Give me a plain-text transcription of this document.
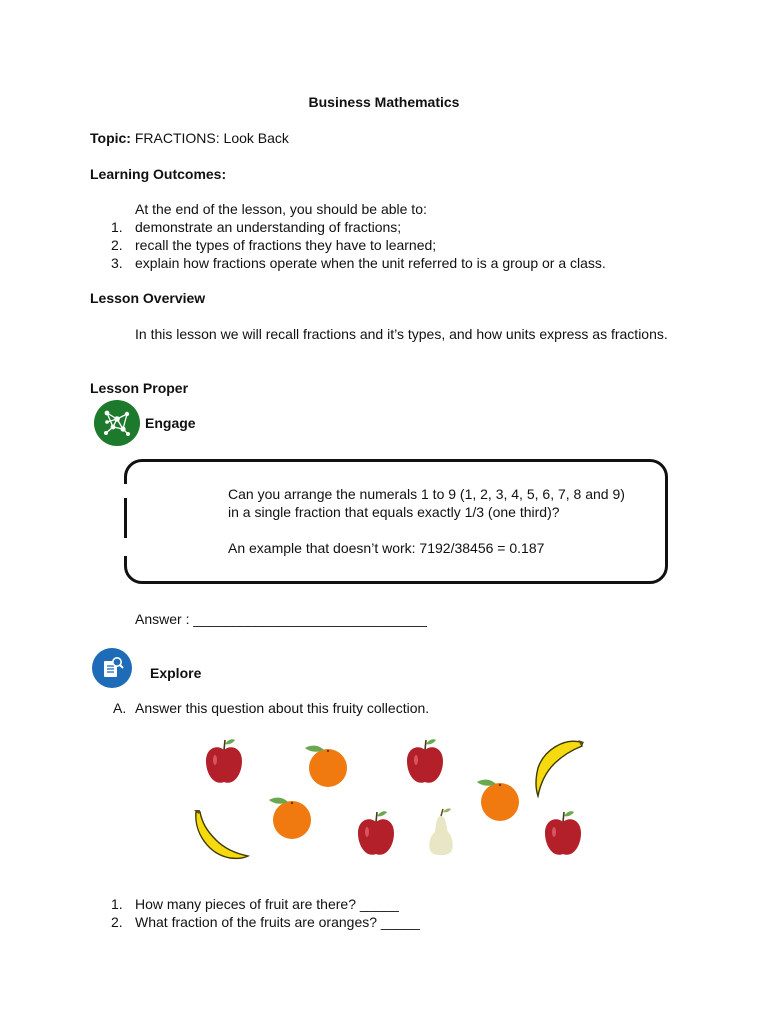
Business Mathematics
Topic: FRACTIONS: Look Back
Learning Outcomes:
At the end of the lesson, you should be able to:
1. demonstrate an understanding of fractions;
2. recall the types of fractions they have to learned;
3. explain how fractions operate when the unit referred to is a group or a class.
Lesson Overview
In this lesson we will recall fractions and it’s types, and how units express as fractions.
Lesson Proper
Engage
Can you arrange the numerals 1 to 9 (1, 2, 3, 4, 5, 6, 7, 8 and 9)
in a single fraction that equals exactly 1/3 (one third)?
An example that doesn’t work: 7192/38456 = 0.187
Answer : ______________________________
Explore
A. Answer this question about this fruity collection.
1. How many pieces of fruit are there? _____
2. What fraction of the fruits are oranges? _____
